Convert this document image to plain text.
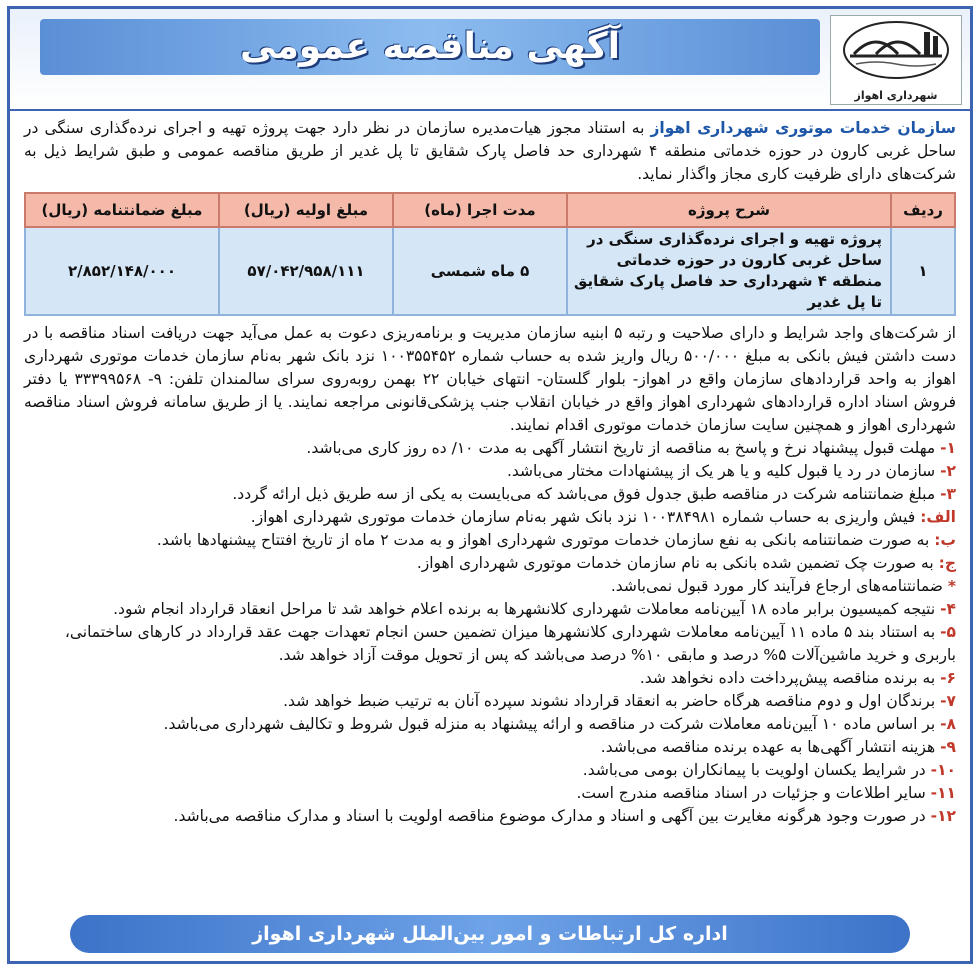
آگهی مناقصه عمومی
شهرداری اهواز
سازمان خدمات موتوری شهرداری اهواز به استناد مجوز هیات‌مدیره سازمان در نظر دارد جهت پروژه تهیه و اجرای نرده‌گذاری سنگی در ساحل غربی کارون در حوزه خدماتی منطقه ۴ شهرداری حد فاصل پارک شقایق تا پل غدیر از طریق مناقصه عمومی و طبق شرایط ذیل به شرکت‌های دارای ظرفیت کاری مجاز واگذار نماید.
ردیف	شرح پروژه	مدت اجرا (ماه)	مبلغ اولیه (ریال)	مبلغ ضمانتنامه (ریال)
۱	پروژه تهیه و اجرای نرده‌گذاری سنگی در ساحل غربی کارون در حوزه خدماتی منطقه ۴ شهرداری حد فاصل پارک شقایق تا پل غدیر	۵ ماه شمسی	۵۷/۰۴۲/۹۵۸/۱۱۱	۲/۸۵۲/۱۴۸/۰۰۰
از شرکت‌های واجد شرایط و دارای صلاحیت و رتبه ۵ ابنیه سازمان مدیریت و برنامه‌ریزی دعوت به عمل می‌آید جهت دریافت اسناد مناقصه با در دست داشتن فیش بانکی به مبلغ ۵۰۰/۰۰۰ ریال واریز شده به حساب شماره ۱۰۰۳۵۵۴۵۲ نزد بانک شهر به‌نام سازمان خدمات موتوری شهرداری اهواز به واحد قراردادهای سازمان واقع در اهواز- بلوار گلستان- انتهای خیابان ۲۲ بهمن روبه‌روی سرای سالمندان تلفن: ۹- ۳۳۳۹۹۵۶۸ یا دفتر فروش اسناد اداره قراردادهای شهرداری اهواز واقع در خیابان انقلاب جنب پزشکی‌قانونی مراجعه نمایند. یا از طریق سامانه فروش اسناد مناقصه شهرداری اهواز و همچنین سایت سازمان خدمات موتوری اقدام نمایند.
۱- مهلت قبول پیشنهاد نرخ و پاسخ به مناقصه از تاریخ انتشار آگهی به مدت ۱۰/ ده روز کاری می‌باشد.
۲- سازمان در رد یا قبول کلیه و یا هر یک از پیشنهادات مختار می‌باشد.
۳- مبلغ ضمانتنامه شرکت در مناقصه طبق جدول فوق می‌باشد که می‌بایست به یکی از سه طریق ذیل ارائه گردد.
الف: فیش واریزی به حساب شماره ۱۰۰۳۸۴۹۸۱ نزد بانک شهر به‌نام سازمان خدمات موتوری شهرداری اهواز.
ب: به صورت ضمانتنامه بانکی به نفع سازمان خدمات موتوری شهرداری اهواز و به مدت ۲ ماه از تاریخ افتتاح پیشنهادها باشد.
ج: به صورت چک تضمین شده بانکی به نام سازمان خدمات موتوری شهرداری اهواز.
* ضمانتنامه‌های ارجاع فرآیند کار مورد قبول نمی‌باشد.
۴- نتیجه کمیسیون برابر ماده ۱۸ آیین‌نامه معاملات شهرداری کلانشهرها به برنده اعلام خواهد شد تا مراحل انعقاد قرارداد انجام شود.
۵- به استناد بند ۵ ماده ۱۱ آیین‌نامه معاملات شهرداری کلانشهرها میزان تضمین حسن انجام تعهدات جهت عقد قرارداد در کارهای ساختمانی، باربری و خرید ماشین‌آلات ۵% درصد و مابقی ۱۰% درصد می‌باشد که پس از تحویل موقت آزاد خواهد شد.
۶- به برنده مناقصه پیش‌پرداخت داده نخواهد شد.
۷- برندگان اول و دوم مناقصه هرگاه حاضر به انعقاد قرارداد نشوند سپرده آنان به ترتیب ضبط خواهد شد.
۸- بر اساس ماده ۱۰ آیین‌نامه معاملات شرکت در مناقصه و ارائه پیشنهاد به منزله قبول شروط و تکالیف شهرداری می‌باشد.
۹- هزینه انتشار آگهی‌ها به عهده برنده مناقصه می‌باشد.
۱۰- در شرایط یکسان اولویت با پیمانکاران بومی می‌باشد.
۱۱- سایر اطلاعات و جزئیات در اسناد مناقصه مندرج است.
۱۲- در صورت وجود هرگونه مغایرت بین آگهی و اسناد و مدارک موضوع مناقصه اولویت با اسناد و مدارک مناقصه می‌باشد.
اداره کل ارتباطات و امور بین‌الملل شهرداری اهواز
